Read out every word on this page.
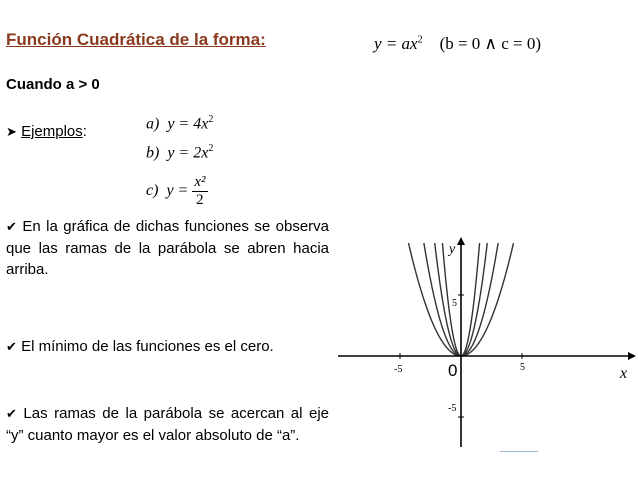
Función Cuadrática de la forma:	$y = ax^2$ (b = 0 ∧ c = 0)
Cuando a > 0
➤ Ejemplos:	a) $y = 4x^2$
b) $y = 2x^2$
c) $y = \frac{\text{x²}}{2}$
✔ En la gráfica de dichas funciones se observa que las ramas de la parábola se abren hacia arriba.
✔ El mínimo de las funciones es el cero.
✔ Las ramas de la parábola se acercan al eje “y” cuanto mayor es el valor absoluto de “a”.
y
x
-5	0	5
5
-5
